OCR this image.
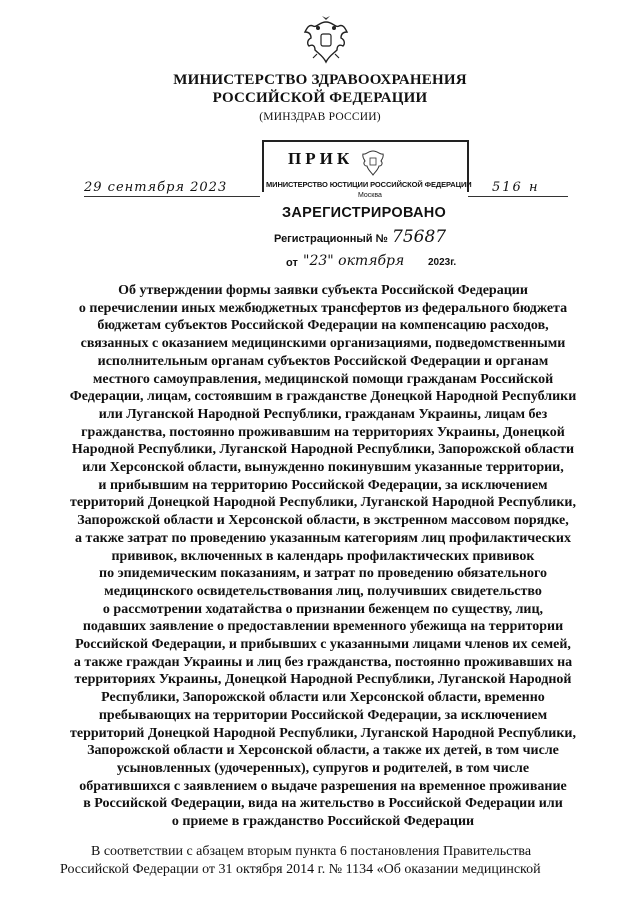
МИНИСТЕРСТВО ЗДРАВООХРАНЕНИЯ
РОССИЙСКОЙ ФЕДЕРАЦИИ
(МИНЗДРАВ РОССИИ)
ПРИК
МИНИСТЕРСТВО ЮСТИЦИИ РОССИЙСКОЙ ФЕДЕРАЦИИ
Москва
ЗАРЕГИСТРИРОВАНО
Регистрационный № 75687
от "23" октября 2023г.
29 сентября 2023	516 н
Об утверждении формы заявки субъекта Российской Федерации
о перечислении иных межбюджетных трансфертов из федерального бюджета
бюджетам субъектов Российской Федерации на компенсацию расходов,
связанных с оказанием медицинскими организациями, подведомственными
исполнительным органам субъектов Российской Федерации и органам
местного самоуправления, медицинской помощи гражданам Российской
Федерации, лицам, состоявшим в гражданстве Донецкой Народной Республики
или Луганской Народной Республики, гражданам Украины, лицам без
гражданства, постоянно проживавшим на территориях Украины, Донецкой
Народной Республики, Луганской Народной Республики, Запорожской области
или Херсонской области, вынужденно покинувшим указанные территории,
и прибывшим на территорию Российской Федерации, за исключением
территорий Донецкой Народной Республики, Луганской Народной Республики,
Запорожской области и Херсонской области, в экстренном массовом порядке,
а также затрат по проведению указанным категориям лиц профилактических
прививок, включенных в календарь профилактических прививок
по эпидемическим показаниям, и затрат по проведению обязательного
медицинского освидетельствования лиц, получивших свидетельство
о рассмотрении ходатайства о признании беженцем по существу, лиц,
подавших заявление о предоставлении временного убежища на территории
Российской Федерации, и прибывших с указанными лицами членов их семей,
а также граждан Украины и лиц без гражданства, постоянно проживавших на
территориях Украины, Донецкой Народной Республики, Луганской Народной
Республики, Запорожской области или Херсонской области, временно
пребывающих на территории Российской Федерации, за исключением
территорий Донецкой Народной Республики, Луганской Народной Республики,
Запорожской области и Херсонской области, а также их детей, в том числе
усыновленных (удочеренных), супругов и родителей, в том числе
обратившихся с заявлением о выдаче разрешения на временное проживание
в Российской Федерации, вида на жительство в Российской Федерации или
о приеме в гражданство Российской Федерации
В соответствии с абзацем вторым пункта 6 постановления Правительства
Российской Федерации от 31 октября 2014 г. № 1134 «Об оказании медицинской
